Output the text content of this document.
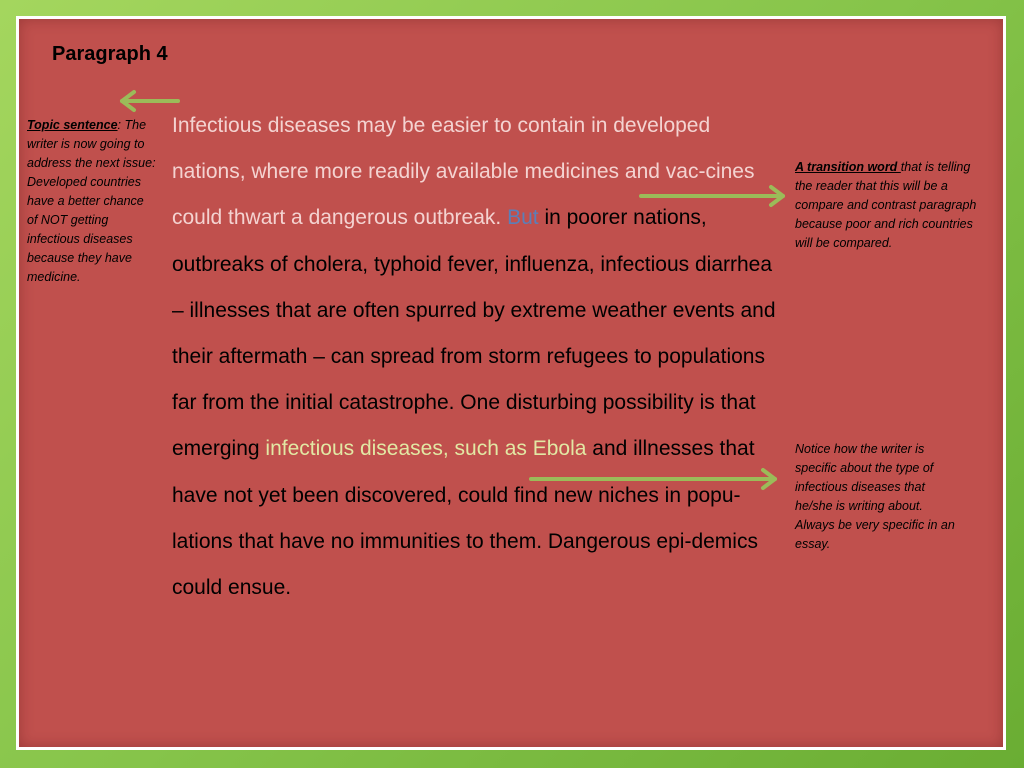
Paragraph 4
Topic sentence: The writer is now going to address the next issue: Developed countries have a better chance of NOT getting infectious diseases because they have medicine.
A transition word that is telling the reader that this will be a compare and contrast paragraph because poor and rich countries will be compared.
Notice how the writer is specific about the type of infectious diseases that he/she is writing about. Always be very specific in an essay.

Infectious diseases may be easier to contain in developed nations, where more readily available medicines and vac-cines could thwart a dangerous outbreak. But in poorer nations, outbreaks of cholera, typhoid fever, influenza, infectious diarrhea – illnesses that are often spurred by extreme weather events and their aftermath – can spread from storm refugees to populations far from the initial catastrophe. One disturbing possibility is that emerging infectious diseases, such as Ebola and illnesses that have not yet been discovered, could find new niches in popu-lations that have no immunities to them. Dangerous epi-demics could ensue.
